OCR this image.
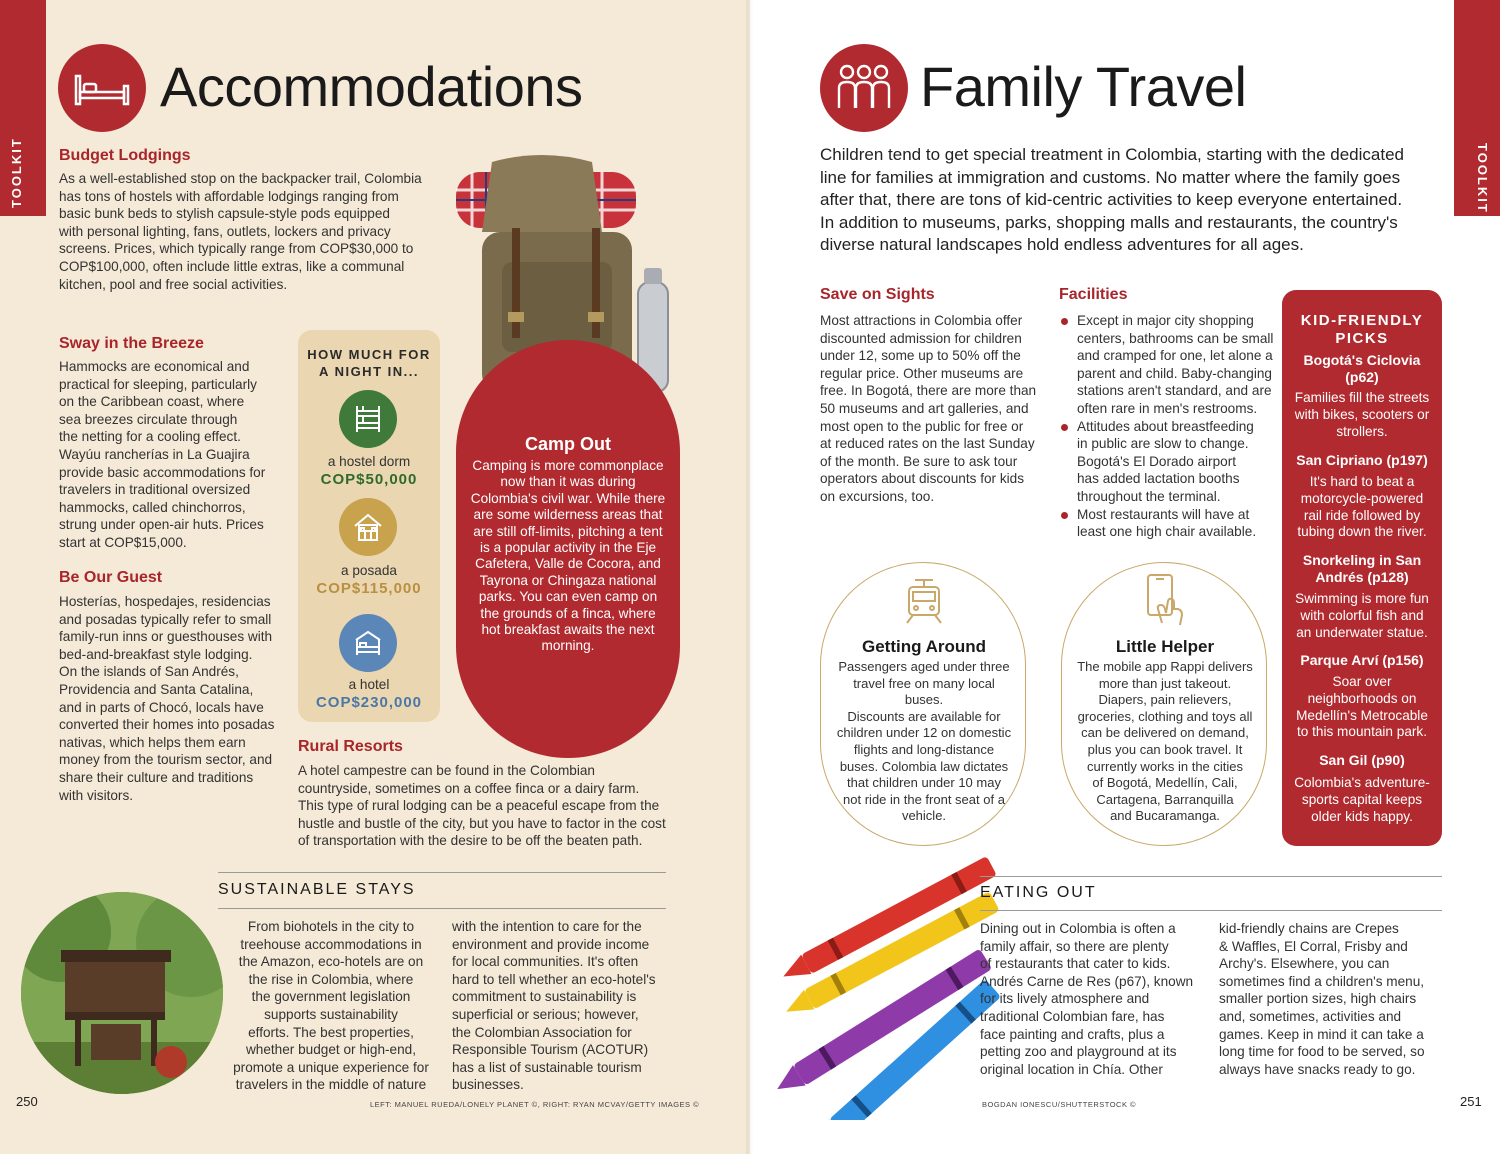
TOOLKIT	TOOLKIT
Accommodations
Budget Lodgings
As a well-established stop on the backpacker trail, Colombia
has tons of hostels with affordable lodgings ranging from
basic bunk beds to stylish capsule-style pods equipped
with personal lighting, fans, outlets, lockers and privacy
screens. Prices, which typically range from COP$30,000 to
COP$100,000, often include little extras, like a communal
kitchen, pool and free social activities.
Sway in the Breeze
Hammocks are economical and
practical for sleeping, particularly
on the Caribbean coast, where
sea breezes circulate through
the netting for a cooling effect.
Wayúu rancherías in La Guajira
provide basic accommodations for
travelers in traditional oversized
hammocks, called chinchorros,
strung under open-air huts. Prices
start at COP$15,000.
Be Our Guest
Hosterías, hospedajes, residencias
and posadas typically refer to small
family-run inns or guesthouses with
bed-and-breakfast style lodging.
On the islands of San Andrés,
Providencia and Santa Catalina,
and in parts of Chocó, locals have
converted their homes into posadas
nativas, which helps them earn
money from the tourism sector, and
share their culture and traditions
with visitors.
HOW MUCH FOR
A NIGHT IN...
a hostel dorm
COP$50,000
a posada
COP$115,000
a hotel
COP$230,000
Camp Out
Camping is more commonplace
now than it was during
Colombia's civil war. While there
are some wilderness areas that
are still off-limits, pitching a tent
is a popular activity in the Eje
Cafetera, Valle de Cocora, and
Tayrona or Chingaza national
parks. You can even camp on
the grounds of a finca, where
hot breakfast awaits the next
morning.
Rural Resorts
A hotel campestre can be found in the Colombian
countryside, sometimes on a coffee finca or a dairy farm.
This type of rural lodging can be a peaceful escape from the
hustle and bustle of the city, but you have to factor in the cost
of transportation with the desire to be off the beaten path.
SUSTAINABLE STAYS
From biohotels in the city to
treehouse accommodations in
the Amazon, eco-hotels are on
the rise in Colombia, where
the government legislation
supports sustainability
efforts. The best properties,
whether budget or high-end,
promote a unique experience for
travelers in the middle of nature
with the intention to care for the
environment and provide income
for local communities. It's often
hard to tell whether an eco-hotel's
commitment to sustainability is
superficial or serious; however,
the Colombian Association for
Responsible Tourism (ACOTUR)
has a list of sustainable tourism
businesses.
250	LEFT: MANUEL RUEDA/LONELY PLANET ©, RIGHT: RYAN MCVAY/GETTY IMAGES ©
Family Travel
Children tend to get special treatment in Colombia, starting with the dedicated
line for families at immigration and customs. No matter where the family goes
after that, there are tons of kid-centric activities to keep everyone entertained.
In addition to museums, parks, shopping malls and restaurants, the country's
diverse natural landscapes hold endless adventures for all ages.
Save on Sights
Most attractions in Colombia offer
discounted admission for children
under 12, some up to 50% off the
regular price. Other museums are
free. In Bogotá, there are more than
50 museums and art galleries, and
most open to the public for free or
at reduced rates on the last Sunday
of the month. Be sure to ask tour
operators about discounts for kids
on excursions, too.
Facilities
Except in major city shopping
centers, bathrooms can be small
and cramped for one, let alone a
parent and child. Baby-changing
stations aren't standard, and are
often rare in men's restrooms.
Attitudes about breastfeeding
in public are slow to change.
Bogotá's El Dorado airport
has added lactation booths
throughout the terminal.
Most restaurants will have at
least one high chair available.
Getting Around
Passengers aged under three
travel free on many local buses.
Discounts are available for
children under 12 on domestic
flights and long-distance
buses. Colombia law dictates
that children under 10 may
not ride in the front seat of a
vehicle.
Little Helper
The mobile app Rappi delivers
more than just takeout.
Diapers, pain relievers,
groceries, clothing and toys all
can be delivered on demand,
plus you can book travel. It
currently works in the cities
of Bogotá, Medellín, Cali,
Cartagena, Barranquilla
and Bucaramanga.
KID-FRIENDLY
PICKS
Bogotá's Ciclovia
(p62)
Families fill the streets
with bikes, scooters or
strollers.
San Cipriano (p197)
It's hard to beat a
motorcycle-powered
rail ride followed by
tubing down the river.
Snorkeling in San
Andrés (p128)
Swimming is more fun
with colorful fish and
an underwater statue.
Parque Arví (p156)
Soar over
neighborhoods on
Medellín's Metrocable
to this mountain park.
San Gil (p90)
Colombia's adventure-
sports capital keeps
older kids happy.
EATING OUT
Dining out in Colombia is often a
family affair, so there are plenty
of restaurants that cater to kids.
Andrés Carne de Res (p67), known
for its lively atmosphere and
traditional Colombian fare, has
face painting and crafts, plus a
petting zoo and playground at its
original location in Chía. Other
kid-friendly chains are Crepes
& Waffles, El Corral, Frisby and
Archy's. Elsewhere, you can
sometimes find a children's menu,
smaller portion sizes, high chairs
and, sometimes, activities and
games. Keep in mind it can take a
long time for food to be served, so
always have snacks ready to go.
BOGDAN IONESCU/SHUTTERSTOCK ©	251
